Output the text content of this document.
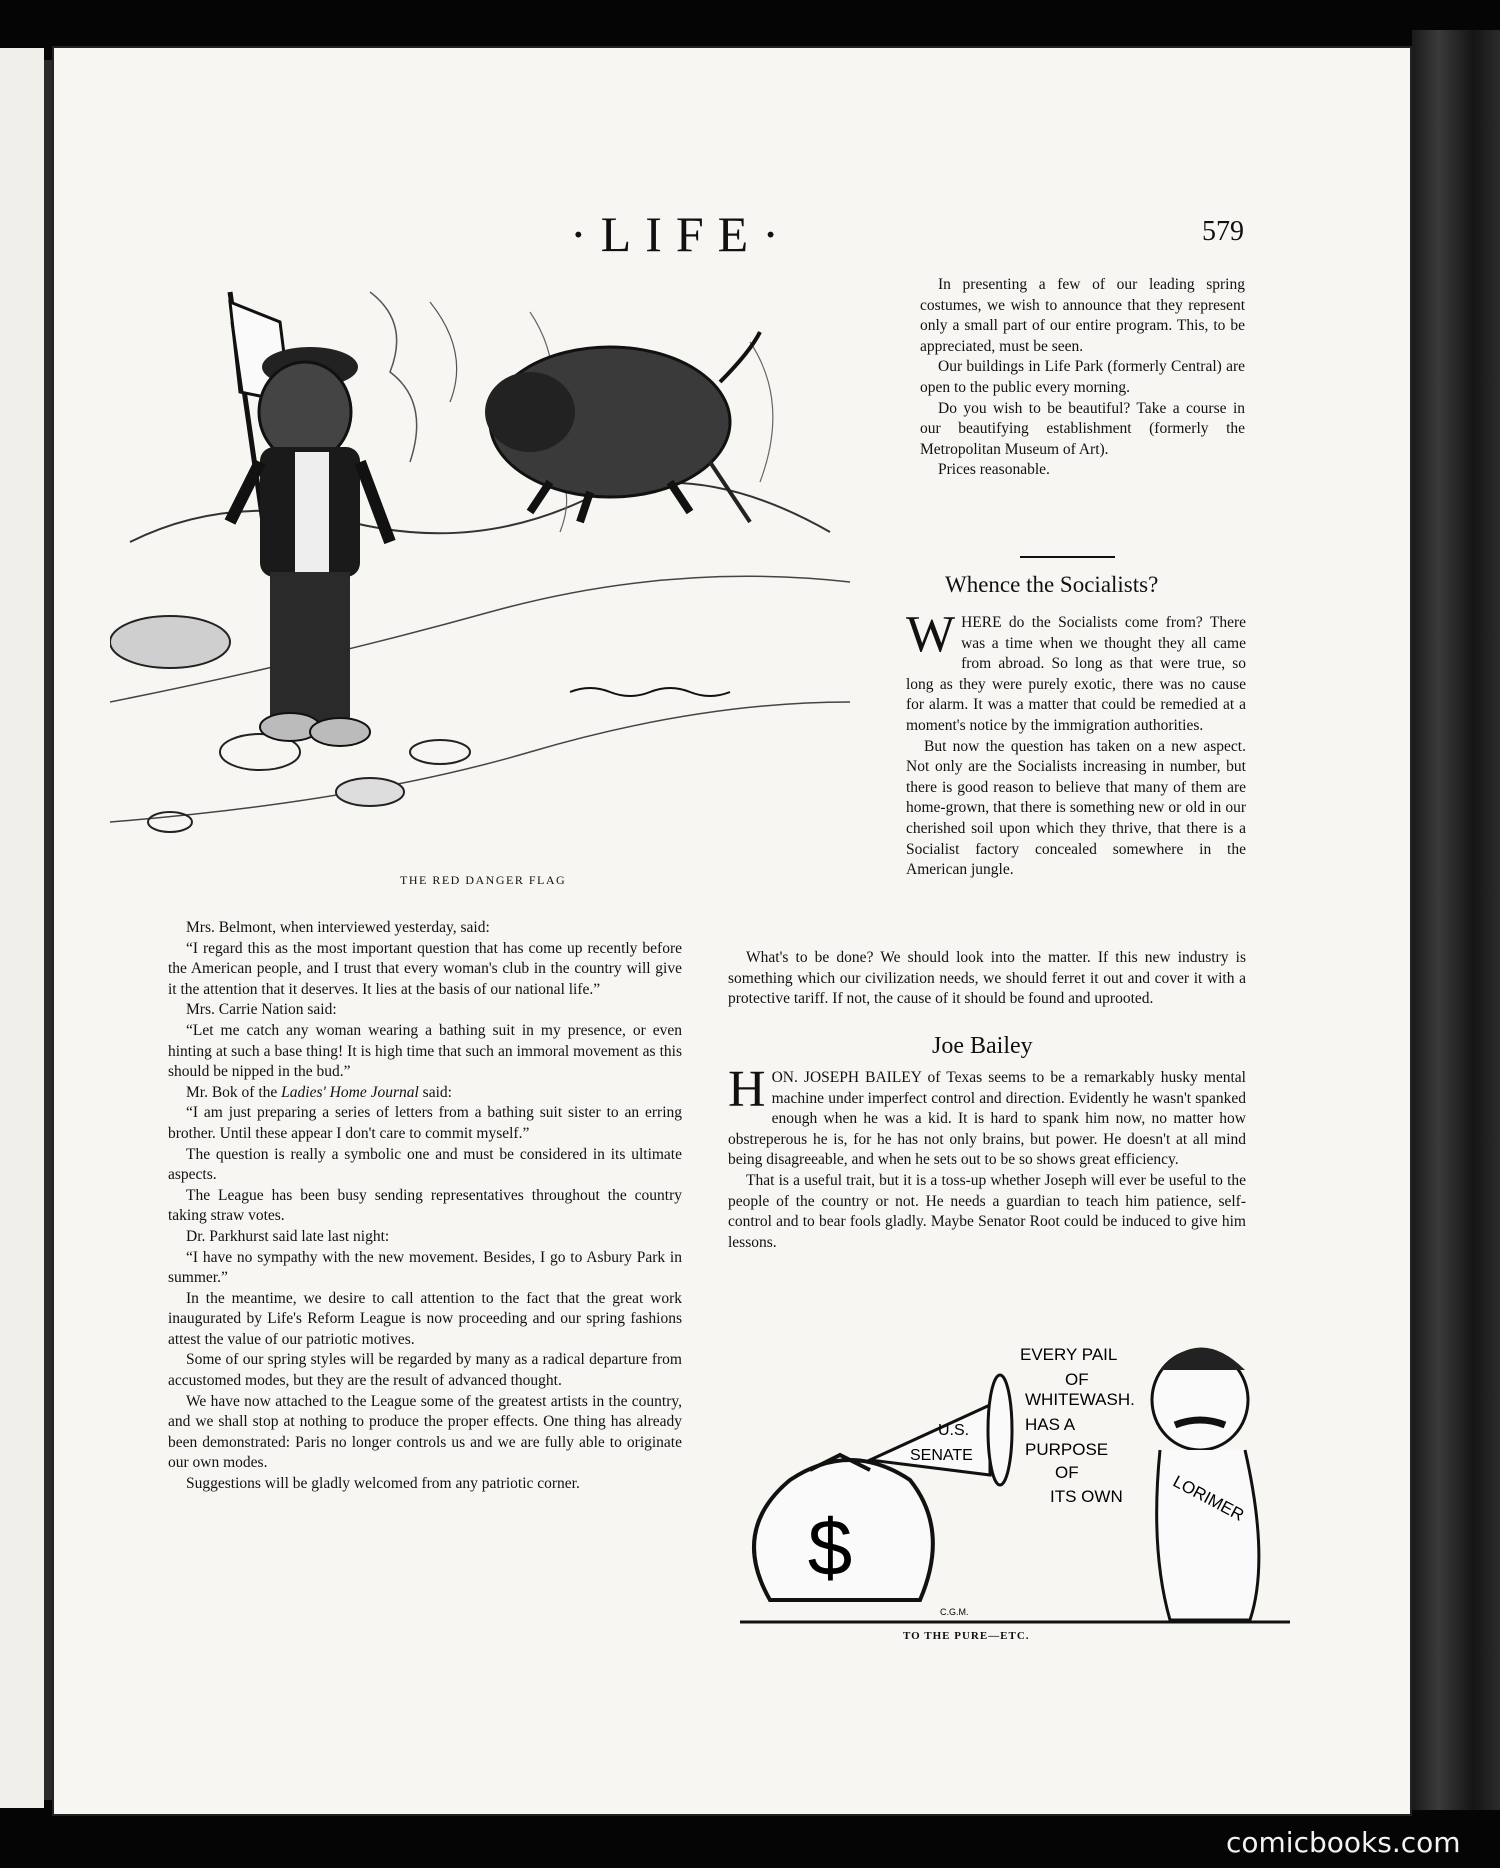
·LIFE·	579
THE RED DANGER FLAG

In presenting a few of our leading spring costumes, we wish to announce that they represent only a small part of our entire program. This, to be appreciated, must be seen.

Our buildings in Life Park (formerly Central) are open to the public every morning.

Do you wish to be beautiful? Take a course in our beautifying establishment (formerly the Metropolitan Museum of Art).

Prices reasonable.

Whence the Socialists?

WHERE do the Socialists come from? There was a time when we thought they all came from abroad. So long as that were true, so long as they were purely exotic, there was no cause for alarm. It was a matter that could be remedied at a moment's notice by the immigration authorities.

But now the question has taken on a new aspect. Not only are the Socialists increasing in number, but there is good reason to believe that many of them are home-grown, that there is something new or old in our cherished soil upon which they thrive, that there is a Socialist factory concealed somewhere in the American jungle.

What's to be done? We should look into the matter. If this new industry is something which our civilization needs, we should ferret it out and cover it with a protective tariff. If not, the cause of it should be found and uprooted.

Joe Bailey

HON. JOSEPH BAILEY of Texas seems to be a remarkably husky mental machine under imperfect control and direction. Evidently he wasn't spanked enough when he was a kid. It is hard to spank him now, no matter how obstreperous he is, for he has not only brains, but power. He doesn't at all mind being disagreeable, and when he sets out to be so shows great efficiency.

That is a useful trait, but it is a toss-up whether Joseph will ever be useful to the people of the country or not. He needs a guardian to teach him patience, self-control and to bear fools gladly. Maybe Senator Root could be induced to give him lessons.

Mrs. Belmont, when interviewed yesterday, said:

“I regard this as the most important question that has come up recently before the American people, and I trust that every woman's club in the country will give it the attention that it deserves. It lies at the basis of our national life.”

Mrs. Carrie Nation said:

“Let me catch any woman wearing a bathing suit in my presence, or even hinting at such a base thing! It is high time that such an immoral movement as this should be nipped in the bud.”

Mr. Bok of the Ladies' Home Journal said:

“I am just preparing a series of letters from a bathing suit sister to an erring brother. Until these appear I don't care to commit myself.”

The question is really a symbolic one and must be considered in its ultimate aspects.

The League has been busy sending representatives throughout the country taking straw votes.

Dr. Parkhurst said late last night:

“I have no sympathy with the new movement. Besides, I go to Asbury Park in summer.”

In the meantime, we desire to call attention to the fact that the great work inaugurated by Life's Reform League is now proceeding and our spring fashions attest the value of our patriotic motives.

Some of our spring styles will be regarded by many as a radical departure from accustomed modes, but they are the result of advanced thought.

We have now attached to the League some of the greatest artists in the country, and we shall stop at nothing to produce the proper effects. One thing has already been demonstrated: Paris no longer controls us and we are fully able to originate our own modes.

Suggestions will be gladly welcomed from any patriotic corner.

$
U.S.
SENATE
EVERY PAIL
OF
WHITEWASH.
HAS A
PURPOSE
OF
ITS OWN	LORIMER
C.G.M.
TO THE PURE—ETC.
comicbooks.com
